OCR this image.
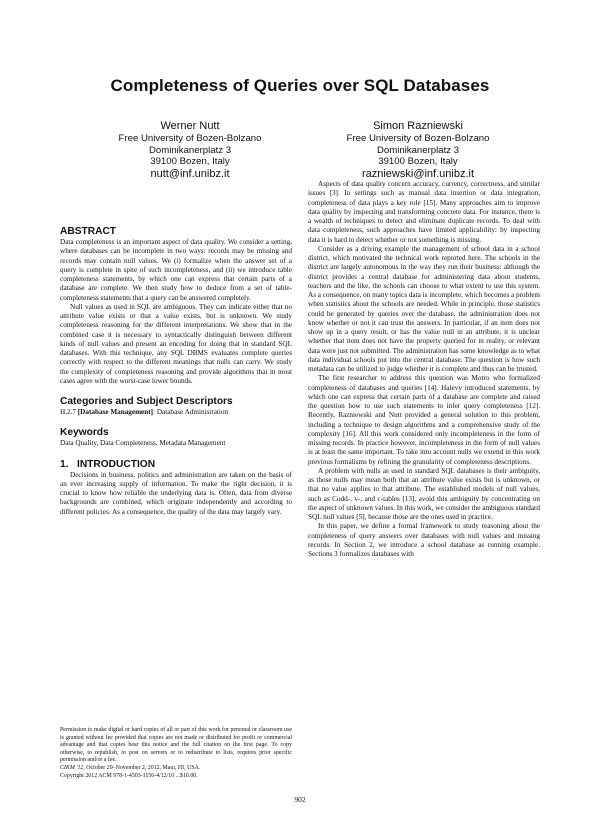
Completeness of Queries over SQL Databases
Werner Nutt
Free University of Bozen-Bolzano
Dominikanerplatz 3
39100 Bozen, Italy
nutt@inf.unibz.it
Simon Razniewski
Free University of Bozen-Bolzano
Dominikanerplatz 3
39100 Bozen, Italy
razniewski@inf.unibz.it
ABSTRACT

Data completeness is an important aspect of data quality. We consider a setting, where databases can be incomplete in two ways: records may be missing and records may contain null values. We (i) formalize when the answer set of a query is complete in spite of such incompleteness, and (ii) we introduce table completeness statements, by which one can express that certain parts of a database are complete. We then study how to deduce from a set of table-completeness statements that a query can be answered completely.

Null values as used in SQL are ambiguous. They can indicate either that no attribute value exists or that a value exists, but is unknown. We study completeness reasoning for the different interpretations. We show that in the combined case it is necessary to syntactically distinguish between different kinds of null values and present an encoding for doing that in standard SQL databases. With this technique, any SQL DBMS evaluates complete queries correctly with respect to the different meanings that nulls can carry. We study the complexity of completeness reasoning and provide algorithms that in most cases agree with the worst-case lower bounds.

Categories and Subject Descriptors

H.2.7 [Database Management]: Database Administration

Keywords

Data Quality, Data Completeness, Metadata Management

1.   INTRODUCTION

Decisions in business, politics and administration are taken on the basis of an ever increasing supply of information. To make the right decision, it is crucial to know how reliable the underlying data is. Often, data from diverse backgrounds are combined, which originate independently and according to different policies. As a consequence, the quality of the data may largely vary.

Aspects of data quality concern accuracy, currency, correctness, and similar issues [3]. In settings such as manual data insertion or data integration, completeness of data plays a key role [15]. Many approaches aim to improve data quality by inspecting and transforming concrete data. For instance, there is a wealth of techniques to detect and eliminate duplicate records. To deal with data completeness, such approaches have limited applicability: by inspecting data it is hard to detect whether or not something is missing.

Consider as a driving example the management of school data in a school district, which motivated the technical work reported here. The schools in the district are largely autonomous in the way they run their business: although the district provides a central database for administering data about students, teachers and the like, the schools can choose to what extent to use this system. As a consequence, on many topics data is incomplete, which becomes a problem when statistics about the schools are needed. While in principle, those statistics could be generated by queries over the database, the administration does not know whether or not it can trust the answers. In particular, if an item does not show up in a query result, or has the value null in an attribute, it is unclear whether that item does not have the property queried for in reality, or relevant data were just not submitted. The administration has some knowledge as to what data individual schools put into the central database. The question is how such metadata can be utilized to judge whether it is complete and thus can be trusted.

The first researcher to address this question was Motro who formalized completeness of databases and queries [14]. Halevy introduced statements, by which one can express that certain parts of a database are complete and raised the question how to use such statements to infer query completeness [12]. Recently, Razniewski and Nutt provided a general solution to this problem, including a technique to design algorithms and a comprehensive study of the complexity [16]. All this work considered only incompleteness in the form of missing records. In practice however, incompleteness in the form of null values is at least the same important. To take into account nulls we extend in this work previous formalisms by refining the granularity of completeness descriptions.

A problem with nulls as used in standard SQL databases is their ambiguity, as those nulls may mean both that an attribute value exists but is unknown, or that no value applies to that attribute. The established models of null values, such as Codd-, v-, and c-tables [13], avoid this ambiguity by concentrating on the aspect of unknown values. In this work, we consider the ambiguous standard SQL null values [5], because those are the ones used in practice.

In this paper, we define a formal framework to study reasoning about the completeness of query answers over databases with null values and missing records. In Section 2, we introduce a school database as running example. Sections 3 formalizes databases with

Permission to make digital or hard copies of all or part of this work for personal or classroom use is granted without fee provided that copies are not made or distributed for profit or commercial advantage and that copies bear this notice and the full citation on the first page. To copy otherwise, to republish, to post on servers or to redistribute to lists, requires prior specific permission and/or a fee.

CIKM '12, October 29–November 2, 2012, Maui, HI, USA.

Copyright 2012 ACM 978-1-4503-1156-4/12/10 ...$10.00.

902
